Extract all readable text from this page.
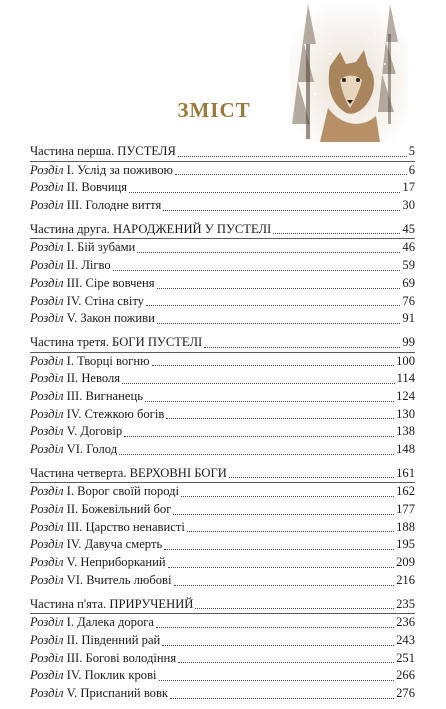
ЗМІСТ
Частина перша. ПУСТЕЛЯ	5
Розділ I. Услід за поживою	6
Розділ II. Вовчиця	17
Розділ III. Голодне виття	30
Частина друга. НАРОДЖЕНИЙ У ПУСТЕЛІ	45
Розділ I. Бій зубами	46
Розділ II. Лігво	59
Розділ III. Сіре вовченя	69
Розділ IV. Стіна світу	76
Розділ V. Закон поживи	91
Частина третя. БОГИ ПУСТЕЛІ	99
Розділ I. Творці вогню	100
Розділ II. Неволя	114
Розділ III. Вигнанець	124
Розділ IV. Стежкою богів	130
Розділ V. Договір	138
Розділ VI. Голод	148
Частина четверта. ВЕРХОВНІ БОГИ	161
Розділ I. Ворог своїй породі	162
Розділ II. Божевільний бог	177
Розділ III. Царство ненависті	188
Розділ IV. Давуча смерть	195
Розділ V. Неприборканий	209
Розділ VI. Вчитель любові	216
Частина п'ята. ПРИРУЧЕНИЙ	235
Розділ I. Далека дорога	236
Розділ II. Південний рай	243
Розділ III. Богові володіння	251
Розділ IV. Поклик крові	266
Розділ V. Приспаний вовк	276
